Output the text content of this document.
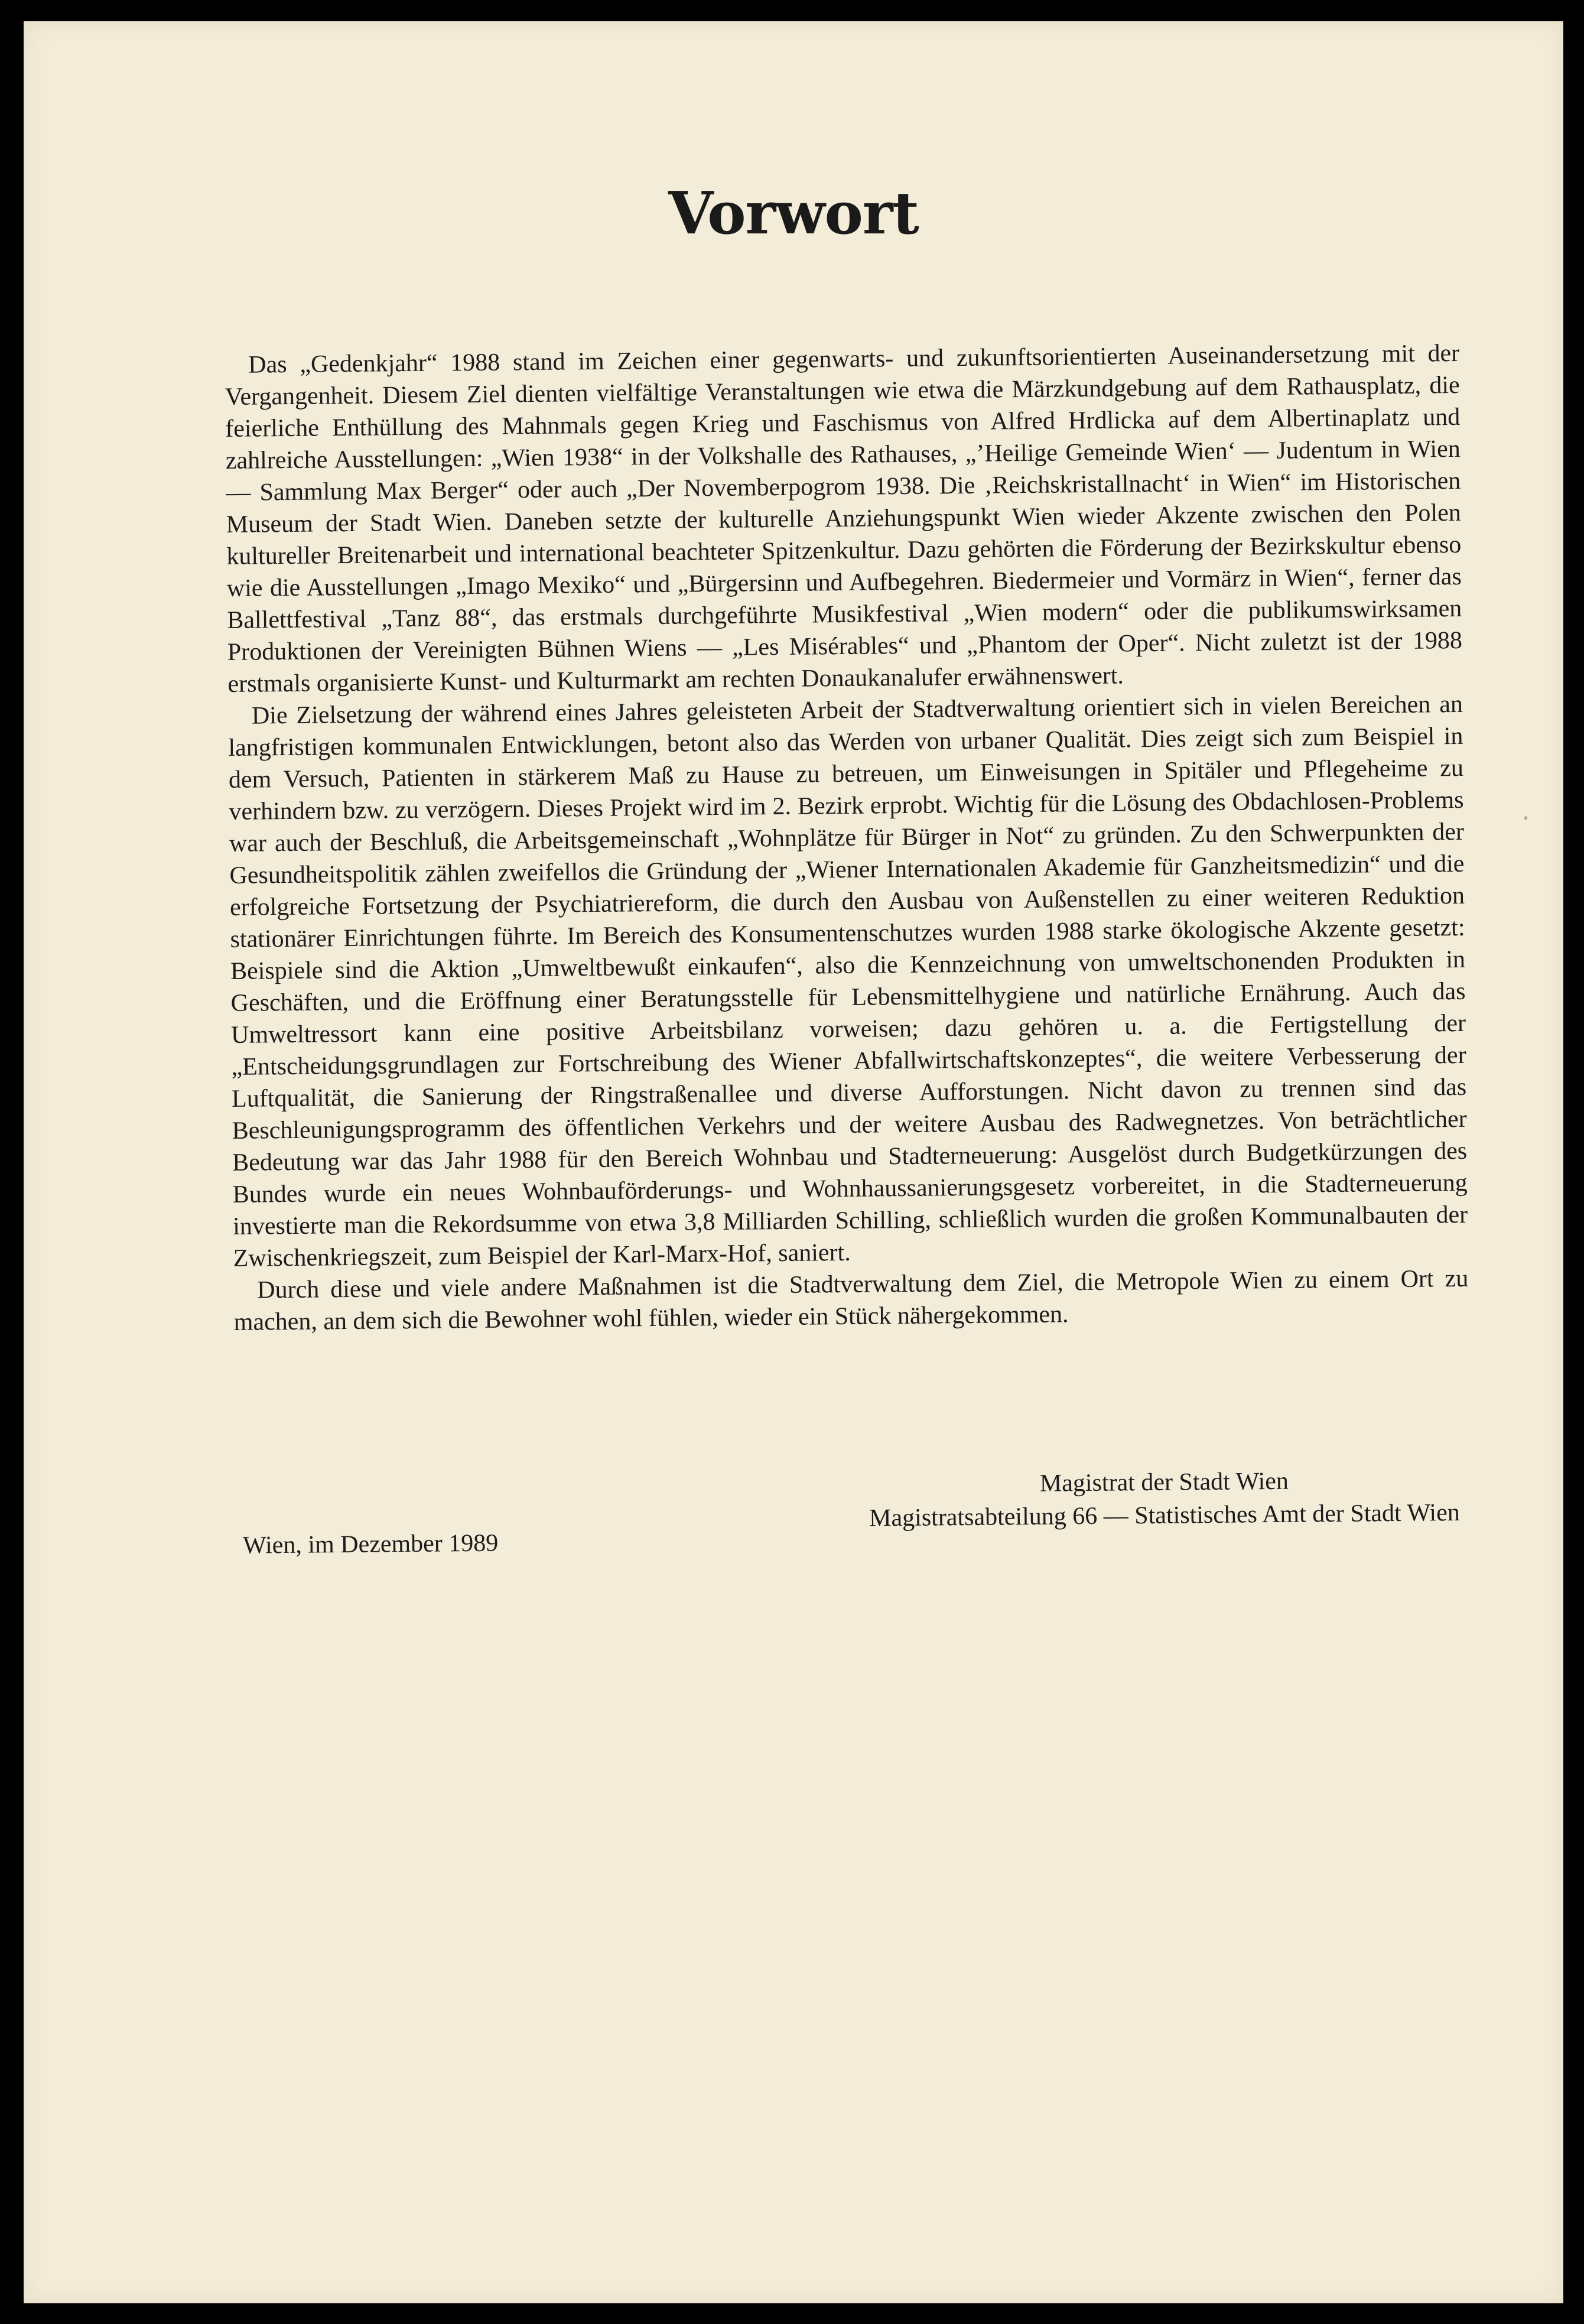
Vorwort

Das „Gedenkjahr“ 1988 stand im Zeichen einer gegenwarts- und zukunftsorientierten Auseinandersetzung mit der Vergangenheit. Diesem Ziel dienten vielfältige Veranstaltungen wie etwa die Märzkundgebung auf dem Rathausplatz, die feierliche Enthüllung des Mahnmals gegen Krieg und Faschismus von Alfred Hrdlicka auf dem Albertinaplatz und zahlreiche Ausstellungen: „Wien 1938“ in der Volkshalle des Rathauses, „’Heilige Gemeinde Wien‘ — Judentum in Wien — Sammlung Max Berger“ oder auch „Der Novemberpogrom 1938. Die ‚Reichskristallnacht‘ in Wien“ im Historischen Museum der Stadt Wien. Daneben setzte der kulturelle Anziehungspunkt Wien wieder Akzente zwischen den Polen kultureller Breitenarbeit und international beachteter Spitzenkultur. Dazu gehörten die Förderung der Bezirkskultur ebenso wie die Ausstellungen „Imago Mexiko“ und „Bürgersinn und Aufbegehren. Biedermeier und Vormärz in Wien“, ferner das Ballettfestival „Tanz 88“, das erstmals durchgeführte Musikfestival „Wien modern“ oder die publikumswirksamen Produktionen der Vereinigten Bühnen Wiens — „Les Misérables“ und „Phantom der Oper“. Nicht zuletzt ist der 1988 erstmals organisierte Kunst- und Kulturmarkt am rechten Donaukanalufer erwähnenswert.

Die Zielsetzung der während eines Jahres geleisteten Arbeit der Stadtverwaltung orientiert sich in vielen Bereichen an langfristigen kommunalen Entwicklungen, betont also das Werden von urbaner Qualität. Dies zeigt sich zum Beispiel in dem Versuch, Patienten in stärkerem Maß zu Hause zu betreuen, um Einweisungen in Spitäler und Pflegeheime zu verhindern bzw. zu verzögern. Dieses Projekt wird im 2. Bezirk erprobt. Wichtig für die Lösung des Obdachlosen-Problems war auch der Beschluß, die Arbeitsgemeinschaft „Wohnplätze für Bürger in Not“ zu gründen. Zu den Schwerpunkten der Gesundheitspolitik zählen zweifellos die Gründung der „Wiener Internationalen Akademie für Ganzheitsmedizin“ und die erfolgreiche Fortsetzung der Psychiatriereform, die durch den Ausbau von Außenstellen zu einer weiteren Reduktion stationärer Einrichtungen führte. Im Bereich des Konsumentenschutzes wurden 1988 starke ökologische Akzente gesetzt: Beispiele sind die Aktion „Umweltbewußt einkaufen“, also die Kennzeichnung von umweltschonenden Produkten in Geschäften, und die Eröffnung einer Beratungsstelle für Lebensmittelhygiene und natürliche Ernährung. Auch das Umweltressort kann eine positive Arbeitsbilanz vorweisen; dazu gehören u. a. die Fertigstellung der „Entscheidungsgrundlagen zur Fortschreibung des Wiener Abfallwirtschaftskonzeptes“, die weitere Verbesserung der Luftqualität, die Sanierung der Ringstraßenallee und diverse Aufforstungen. Nicht davon zu trennen sind das Beschleunigungsprogramm des öffentlichen Verkehrs und der weitere Ausbau des Radwegnetzes. Von beträchtlicher Bedeutung war das Jahr 1988 für den Bereich Wohnbau und Stadterneuerung: Ausgelöst durch Budgetkürzungen des Bundes wurde ein neues Wohnbauförderungs- und Wohnhaussanierungsgesetz vorbereitet, in die Stadterneuerung investierte man die Rekordsumme von etwa 3,8 Milliarden Schilling, schließlich wurden die großen Kommunalbauten der Zwischenkriegszeit, zum Beispiel der Karl-Marx-Hof, saniert.

Durch diese und viele andere Maßnahmen ist die Stadtverwaltung dem Ziel, die Metropole Wien zu einem Ort zu machen, an dem sich die Bewohner wohl fühlen, wieder ein Stück nähergekommen.

Wien, im Dezember 1989
Magistrat der Stadt Wien
Magistratsabteilung 66 — Statistisches Amt der Stadt Wien
